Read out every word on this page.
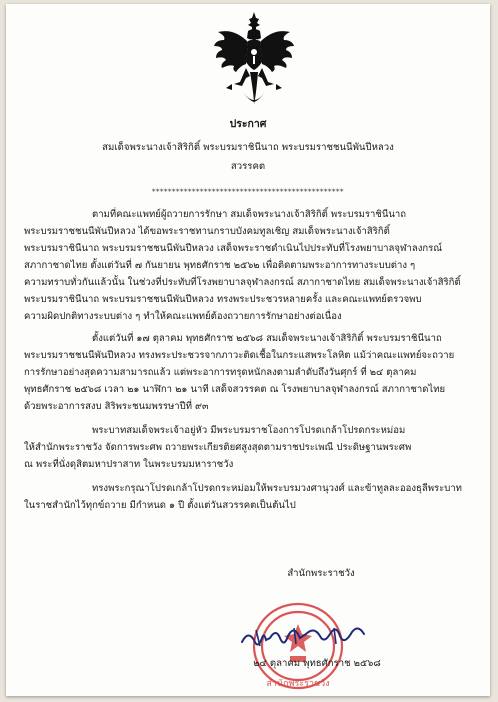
ประกาศ
สมเด็จพระนางเจ้าสิริกิติ์ พระบรมราชินีนาถ พระบรมราชชนนีพันปีหลวง
สวรรคต
************************************************
ตามที่คณะแพทย์ผู้ถวายการรักษา สมเด็จพระนางเจ้าสิริกิติ์ พระบรมราชินีนาถ
พระบรมราชชนนีพันปีหลวง ได้ขอพระราชทานกราบบังคมทูลเชิญ สมเด็จพระนางเจ้าสิริกิติ์
พระบรมราชินีนาถ พระบรมราชชนนีพันปีหลวง เสด็จพระราชดำเนินไปประทับที่โรงพยาบาลจุฬาลงกรณ์
สภากาชาดไทย ตั้งแต่วันที่ ๗ กันยายน พุทธศักราช ๒๕๖๒ เพื่อติดตามพระอาการทางระบบต่าง ๆ
ความทราบทั่วกันแล้วนั้น ในช่วงที่ประทับที่โรงพยาบาลจุฬาลงกรณ์ สภากาชาดไทย สมเด็จพระนางเจ้าสิริกิติ์
พระบรมราชินีนาถ พระบรมราชชนนีพันปีหลวง ทรงพระประชวรหลายครั้ง และคณะแพทย์ตรวจพบ
ความผิดปกติทางระบบต่าง ๆ ทำให้คณะแพทย์ต้องถวายการรักษาอย่างต่อเนื่อง
ตั้งแต่วันที่ ๑๗ ตุลาคม พุทธศักราช ๒๕๖๘ สมเด็จพระนางเจ้าสิริกิติ์ พระบรมราชินีนาถ
พระบรมราชชนนีพันปีหลวง ทรงพระประชวรจากภาวะติดเชื้อในกระแสพระโลหิต แม้ว่าคณะแพทย์จะถวาย
การรักษาอย่างสุดความสามารถแล้ว แต่พระอาการทรุดหนักลงตามลำดับถึงวันศุกร์ ที่ ๒๔ ตุลาคม
พุทธศักราช ๒๕๖๘ เวลา ๒๑ นาฬิกา ๒๑ นาที เสด็จสวรรคต ณ โรงพยาบาลจุฬาลงกรณ์ สภากาชาดไทย
ด้วยพระอาการสงบ สิริพระชนมพรรษาปีที่ ๙๓
พระบาทสมเด็จพระเจ้าอยู่หัว มีพระบรมราชโองการโปรดเกล้าโปรดกระหม่อม
ให้สำนักพระราชวัง จัดการพระศพ ถวายพระเกียรติยศสูงสุดตามราชประเพณี ประดิษฐานพระศพ
ณ พระที่นั่งดุสิตมหาปราสาท ในพระบรมมหาราชวัง
ทรงพระกรุณาโปรดเกล้าโปรดกระหม่อมให้พระบรมวงศานุวงศ์ และข้าทูลละอองธุลีพระบาท
ในราชสำนักไว้ทุกข์ถวาย มีกำหนด ๑ ปี ตั้งแต่วันสวรรคตเป็นต้นไป
สำนักพระราชวัง
สำนักพระราชวัง
๒๔ ตุลาคม พุทธศักราช ๒๕๖๘
